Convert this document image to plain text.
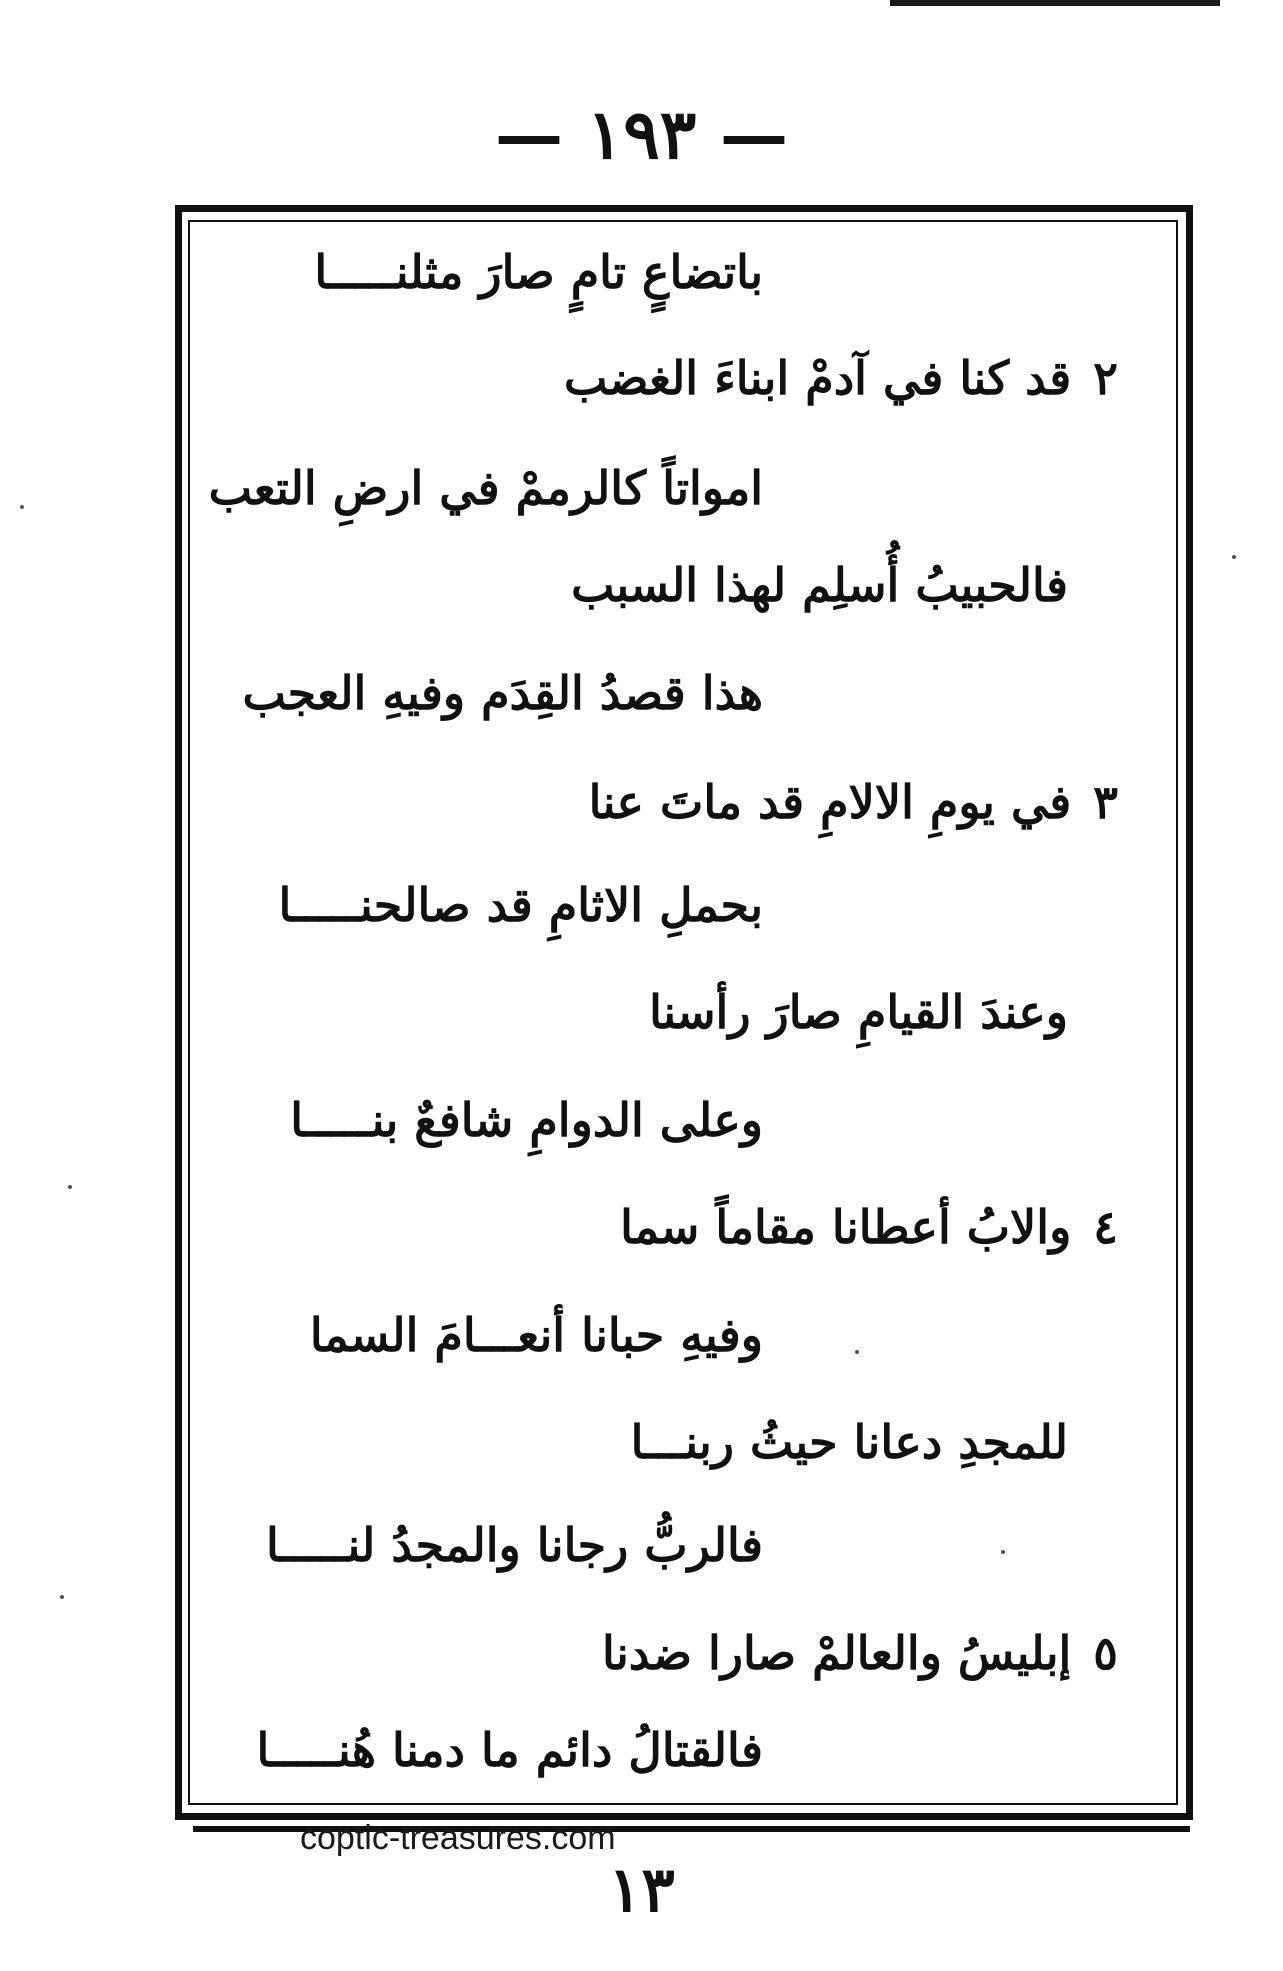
— ١٩٣ —
باتضاعٍ تامٍ صارَ مثلنـــــا
٢قد كنا في آدمْ ابناءَ الغضب
امواتاً كالرممْ في ارضِ التعب
فالحبيبُ أُسلِم لهذا السبب
هذا قصدُ القِدَم وفيهِ العجب
٣في يومِ الالامِ قد ماتَ عنا
بحملِ الاثامِ قد صالحنـــــا
وعندَ القيامِ صارَ رأسنا
وعلى الدوامِ شافعٌ بنـــــا
٤والابُ أعطانا مقاماً سما
وفيهِ حبانا أنعـــامَ السما
للمجدِ دعانا حيثُ ربنـــا
فالربُّ رجانا والمجدُ لنـــــا
٥إبليسُ والعالمْ صارا ضدنا
فالقتالُ دائم ما دمنا هُنـــــا
coptic-treasures.com
١٣
